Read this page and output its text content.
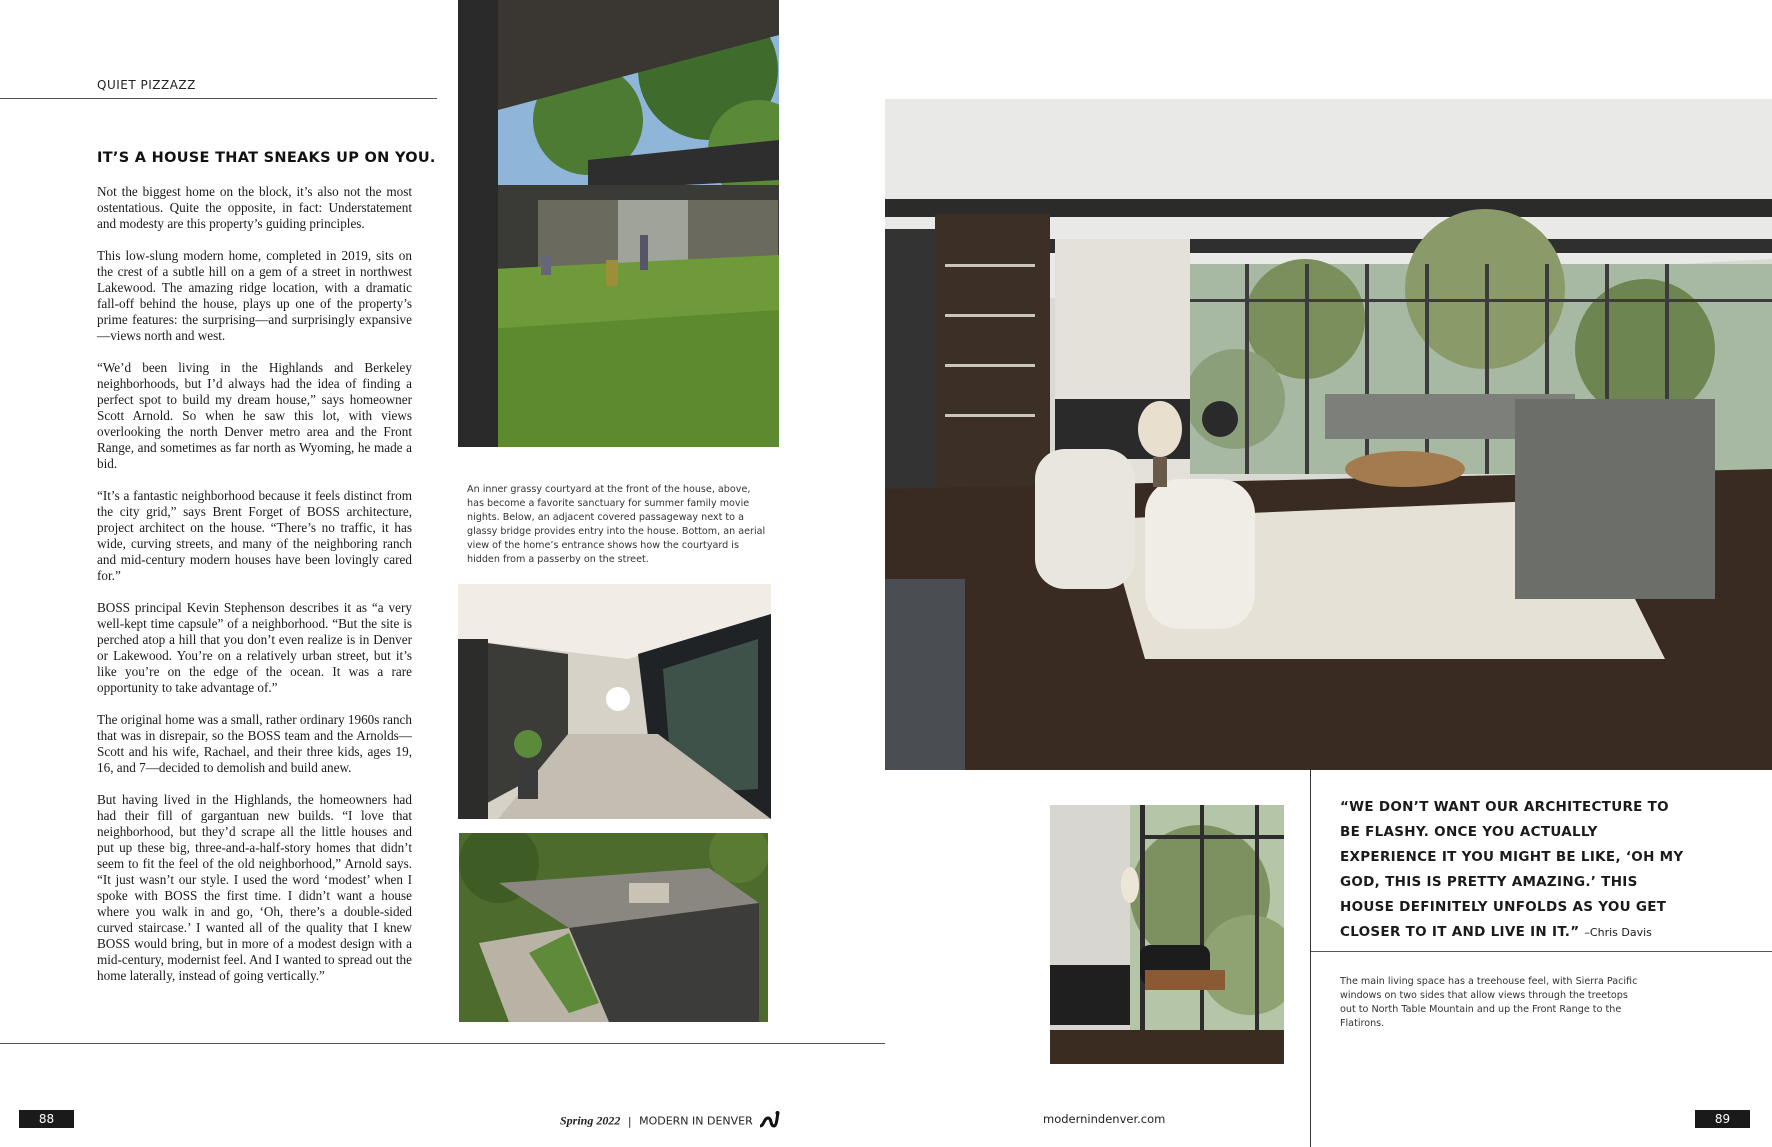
QUIET PIZZAZZ
IT’S A HOUSE THAT SNEAKS UP ON YOU.

Not the biggest home on the block, it’s also not the most ostentatious. Quite the opposite, in fact: Understatement and modesty are this property’s guiding principles.

This low-slung modern home, completed in 2019, sits on the crest of a subtle hill on a gem of a street in northwest Lakewood. The amazing ridge location, with a dramatic fall-off behind the house, plays up one of the property’s prime features: the surprising—and surprisingly expansive—views north and west.

“We’d been living in the Highlands and Berkeley neighborhoods, but I’d always had the idea of finding a perfect spot to build my dream house,” says homeowner Scott Arnold. So when he saw this lot, with views overlooking the north Denver metro area and the Front Range, and sometimes as far north as Wyoming, he made a bid.

“It’s a fantastic neighborhood because it feels distinct from the city grid,” says Brent Forget of BOSS architecture, project architect on the house. “There’s no traffic, it has wide, curving streets, and many of the neighboring ranch and mid-century modern houses have been lovingly cared for.”

BOSS principal Kevin Stephenson describes it as “a very well-kept time capsule” of a neighborhood. “But the site is perched atop a hill that you don’t even realize is in Denver or Lakewood. You’re on a relatively urban street, but it’s like you’re on the edge of the ocean. It was a rare opportunity to take advantage of.”

The original home was a small, rather ordinary 1960s ranch that was in disrepair, so the BOSS team and the Arnolds—Scott and his wife, Rachael, and their three kids, ages 19, 16, and 7—decided to demolish and build anew.

But having lived in the Highlands, the homeowners had had their fill of gargantuan new builds. “I love that neighborhood, but they’d scrape all the little houses and put up these big, three-and-a-half-story homes that didn’t seem to fit the feel of the old neighborhood,” Arnold says. “It just wasn’t our style. I used the word ‘modest’ when I spoke with BOSS the first time. I didn’t want a house where you walk in and go, ‘Oh, there’s a double-sided curved staircase.’ I wanted all of the quality that I knew BOSS would bring, but in more of a modest design with a mid-century, modernist feel. And I wanted to spread out the home laterally, instead of going vertically.”

An inner grassy courtyard at the front of the house, above, has become a favorite sanctuary for summer family movie nights. Below, an adjacent covered passageway next to a glassy bridge provides entry into the house. Bottom, an aerial view of the home’s entrance shows how the courtyard is hidden from a passerby on the street.
“WE DON’T WANT OUR ARCHITECTURE TO BE FLASHY. ONCE YOU ACTUALLY EXPERIENCE IT YOU MIGHT BE LIKE, ‘OH MY GOD, THIS IS PRETTY AMAZING.’ THIS HOUSE DEFINITELY UNFOLDS AS YOU GET CLOSER TO IT AND LIVE IN IT.” –Chris Davis
The main living space has a treehouse feel, with Sierra Pacific windows on two sides that allow views through the treetops out to North Table Mountain and up the Front Range to the Flatirons.
88	Spring 2022 | MODERN IN DENVER	modernindenver.com	89
